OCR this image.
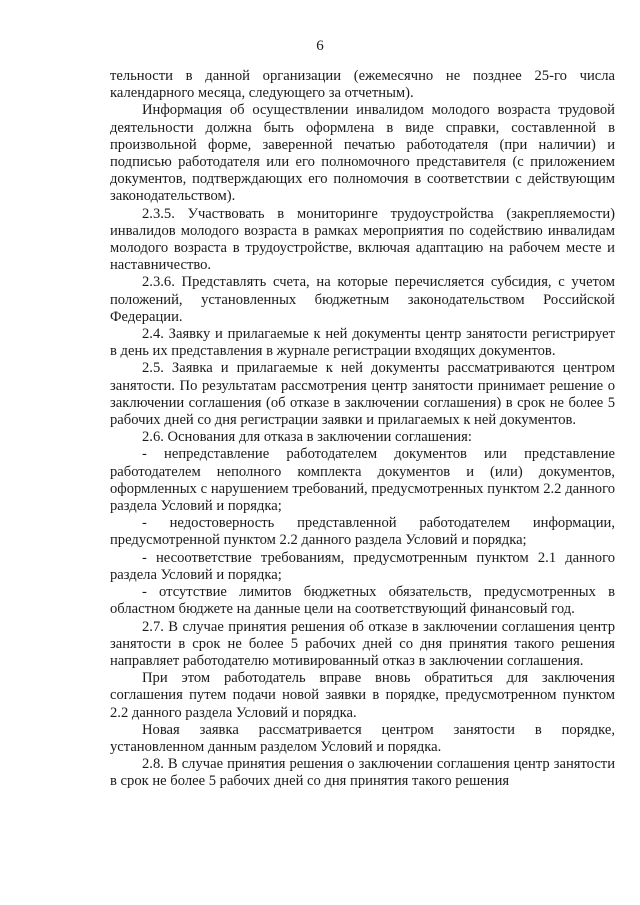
6

тельности в данной организации (ежемесячно не позднее 25-го числа календарного месяца, следующего за отчетным).

Информация об осуществлении инвалидом молодого возраста трудовой деятельности должна быть оформлена в виде справки, составленной в произвольной форме, заверенной печатью работодателя (при наличии) и подписью работодателя или его полномочного представителя (с приложением документов, подтверждающих его полномочия в соответствии с действующим законодательством).

2.3.5. Участвовать в мониторинге трудоустройства (закрепляемости) инвалидов молодого возраста в рамках мероприятия по содействию инвалидам молодого возраста в трудоустройстве, включая адаптацию на рабочем месте и наставничество.

2.3.6. Представлять счета, на которые перечисляется субсидия, с учетом положений, установленных бюджетным законодательством Российской Федерации.

2.4. Заявку и прилагаемые к ней документы центр занятости регистрирует в день их представления в журнале регистрации входящих документов.

2.5. Заявка и прилагаемые к ней документы рассматриваются центром занятости. По результатам рассмотрения центр занятости принимает решение о заключении соглашения (об отказе в заключении соглашения) в срок не более 5 рабочих дней со дня регистрации заявки и прилагаемых к ней документов.

2.6. Основания для отказа в заключении соглашения:

- непредставление работодателем документов или представление работодателем неполного комплекта документов и (или) документов, оформленных с нарушением требований, предусмотренных пунктом 2.2 данного раздела Условий и порядка;

- недостоверность представленной работодателем информации, предусмотренной пунктом 2.2 данного раздела Условий и порядка;

- несоответствие требованиям, предусмотренным пунктом 2.1 данного раздела Условий и порядка;

- отсутствие лимитов бюджетных обязательств, предусмотренных в областном бюджете на данные цели на соответствующий финансовый год.

2.7. В случае принятия решения об отказе в заключении соглашения центр занятости в срок не более 5 рабочих дней со дня принятия такого решения направляет работодателю мотивированный отказ в заключении соглашения.

При этом работодатель вправе вновь обратиться для заключения соглашения путем подачи новой заявки в порядке, предусмотренном пунктом 2.2 данного раздела Условий и порядка.

Новая заявка рассматривается центром занятости в порядке, установленном данным разделом Условий и порядка.

2.8. В случае принятия решения о заключении соглашения центр занятости в срок не более 5 рабочих дней со дня принятия такого решения
